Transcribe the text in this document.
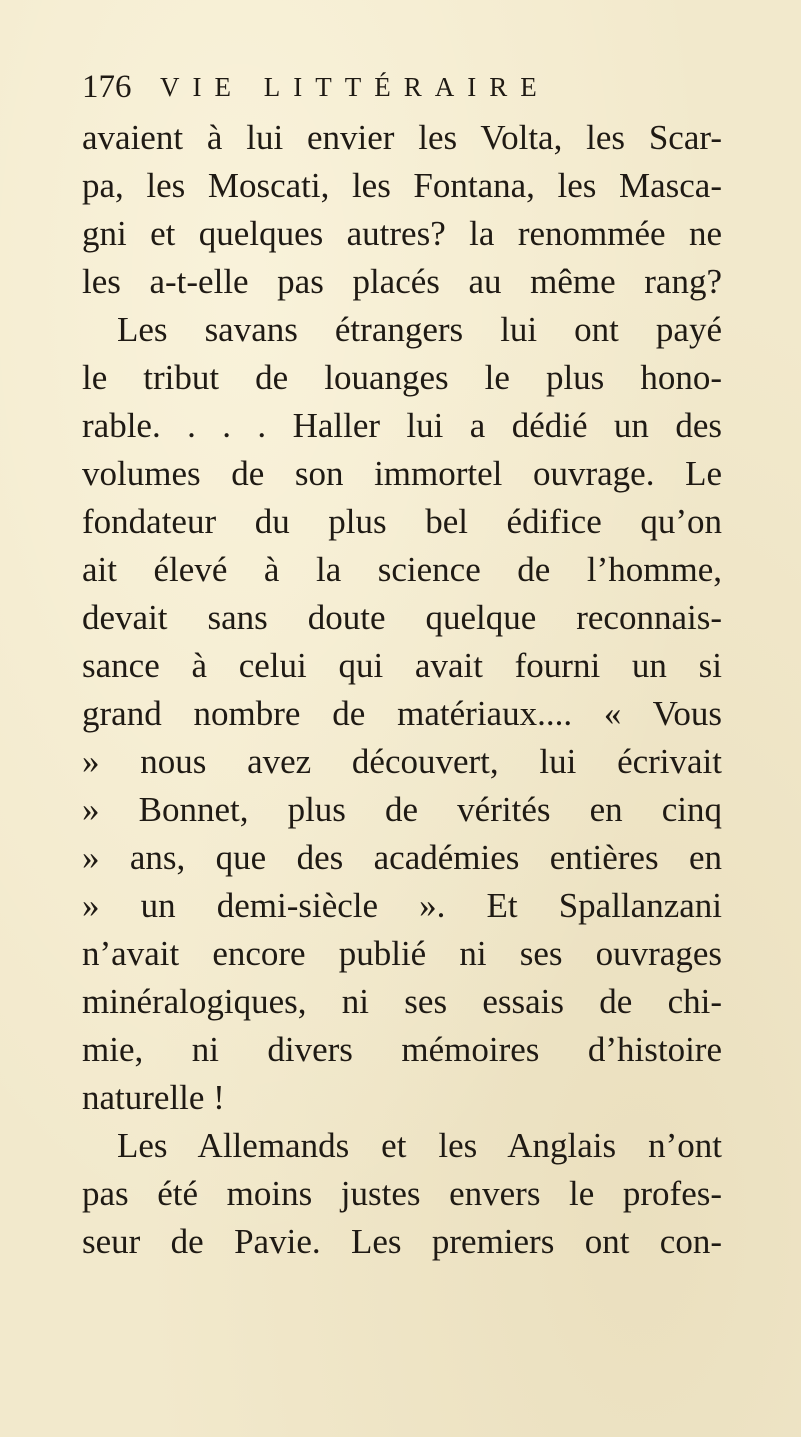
176 VIE LITTÉRAIRE
avaient à lui envier les Volta, les Scar-
pa, les Moscati, les Fontana, les Masca-
gni et quelques autres? la renommée ne
les a-t-elle pas placés au même rang?
Les savans étrangers lui ont payé
le tribut de louanges le plus hono-
rable. . . . Haller lui a dédié un des
volumes de son immortel ouvrage. Le
fondateur du plus bel édifice qu’on
ait élevé à la science de l’homme,
devait sans doute quelque reconnais-
sance à celui qui avait fourni un si
grand nombre de matériaux.... « Vous
» nous avez découvert, lui écrivait
» Bonnet, plus de vérités en cinq
» ans, que des académies entières en
» un demi-siècle ». Et Spallanzani
n’avait encore publié ni ses ouvrages
minéralogiques, ni ses essais de chi-
mie, ni divers mémoires d’histoire
naturelle !
Les Allemands et les Anglais n’ont
pas été moins justes envers le profes-
seur de Pavie. Les premiers ont con-
